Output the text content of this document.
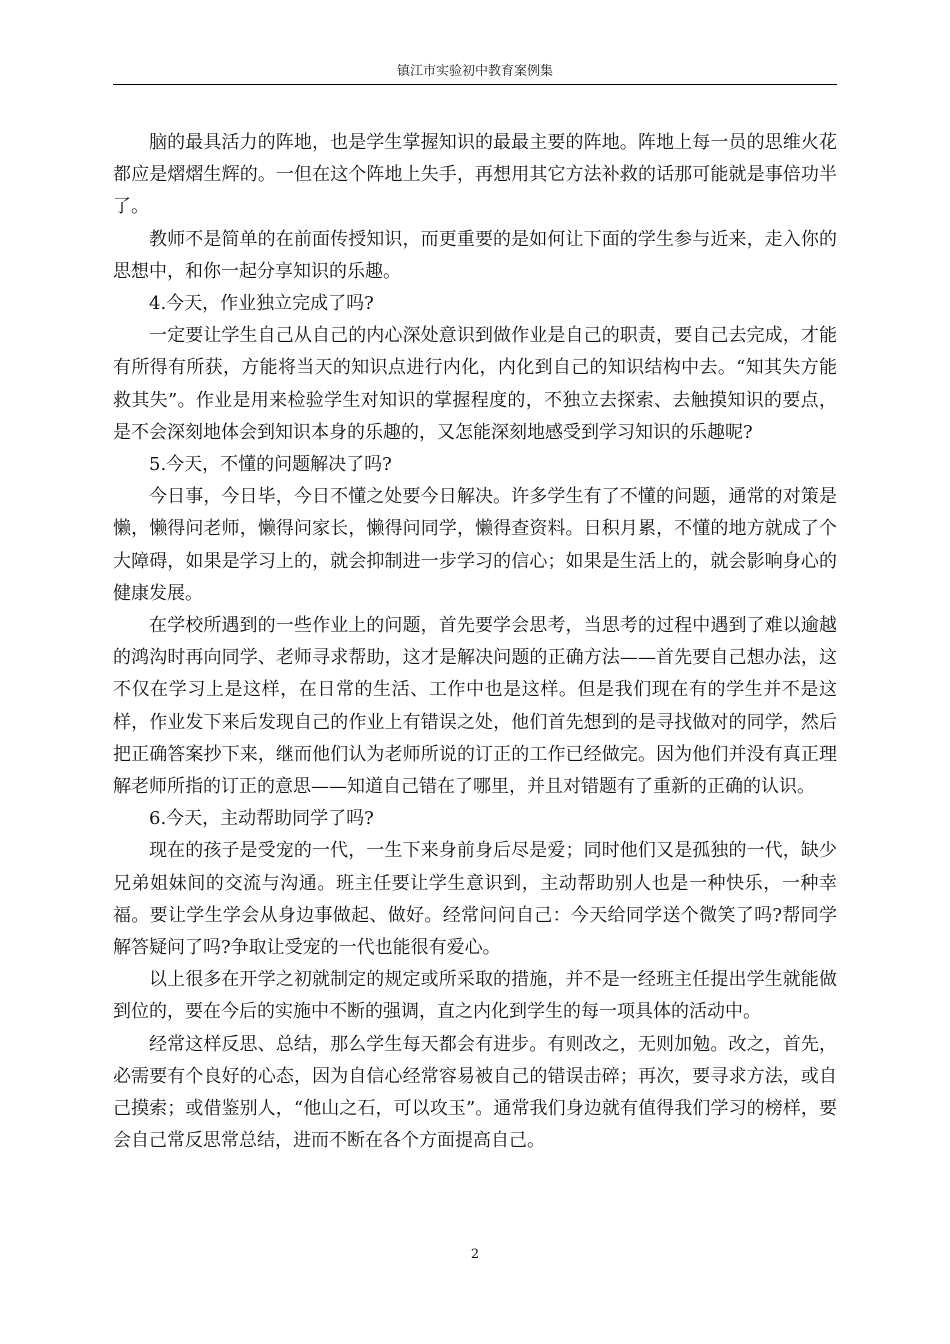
镇江市实验初中教育案例集

脑的最具活力的阵地，也是学生掌握知识的最最主要的阵地。阵地上每一员的思维火花都应是熠熠生辉的。一但在这个阵地上失手，再想用其它方法补救的话那可能就是事倍功半了。

教师不是简单的在前面传授知识，而更重要的是如何让下面的学生参与近来，走入你的思想中，和你一起分享知识的乐趣。

4.今天，作业独立完成了吗?

一定要让学生自己从自己的内心深处意识到做作业是自己的职责，要自己去完成，才能有所得有所获，方能将当天的知识点进行内化，内化到自己的知识结构中去。“知其失方能救其失”。作业是用来检验学生对知识的掌握程度的，不独立去探索、去触摸知识的要点，是不会深刻地体会到知识本身的乐趣的，又怎能深刻地感受到学习知识的乐趣呢?

5.今天，不懂的问题解决了吗?

今日事，今日毕，今日不懂之处要今日解决。许多学生有了不懂的问题，通常的对策是懒，懒得问老师，懒得问家长，懒得问同学，懒得查资料。日积月累，不懂的地方就成了个大障碍，如果是学习上的，就会抑制进一步学习的信心；如果是生活上的，就会影响身心的健康发展。

在学校所遇到的一些作业上的问题，首先要学会思考，当思考的过程中遇到了难以逾越的鸿沟时再向同学、老师寻求帮助，这才是解决问题的正确方法——首先要自己想办法，这不仅在学习上是这样，在日常的生活、工作中也是这样。但是我们现在有的学生并不是这样，作业发下来后发现自己的作业上有错误之处，他们首先想到的是寻找做对的同学，然后把正确答案抄下来，继而他们认为老师所说的订正的工作已经做完。因为他们并没有真正理解老师所指的订正的意思——知道自己错在了哪里，并且对错题有了重新的正确的认识。

6.今天，主动帮助同学了吗?

现在的孩子是受宠的一代，一生下来身前身后尽是爱；同时他们又是孤独的一代，缺少兄弟姐妹间的交流与沟通。班主任要让学生意识到，主动帮助别人也是一种快乐，一种幸福。要让学生学会从身边事做起、做好。经常问问自己：今天给同学送个微笑了吗?帮同学解答疑问了吗?争取让受宠的一代也能很有爱心。

以上很多在开学之初就制定的规定或所采取的措施，并不是一经班主任提出学生就能做到位的，要在今后的实施中不断的强调，直之内化到学生的每一项具体的活动中。

经常这样反思、总结，那么学生每天都会有进步。有则改之，无则加勉。改之，首先，必需要有个良好的心态，因为自信心经常容易被自己的错误击碎；再次，要寻求方法，或自己摸索；或借鉴别人，“他山之石，可以攻玉”。通常我们身边就有值得我们学习的榜样，要会自己常反思常总结，进而不断在各个方面提高自己。

2
